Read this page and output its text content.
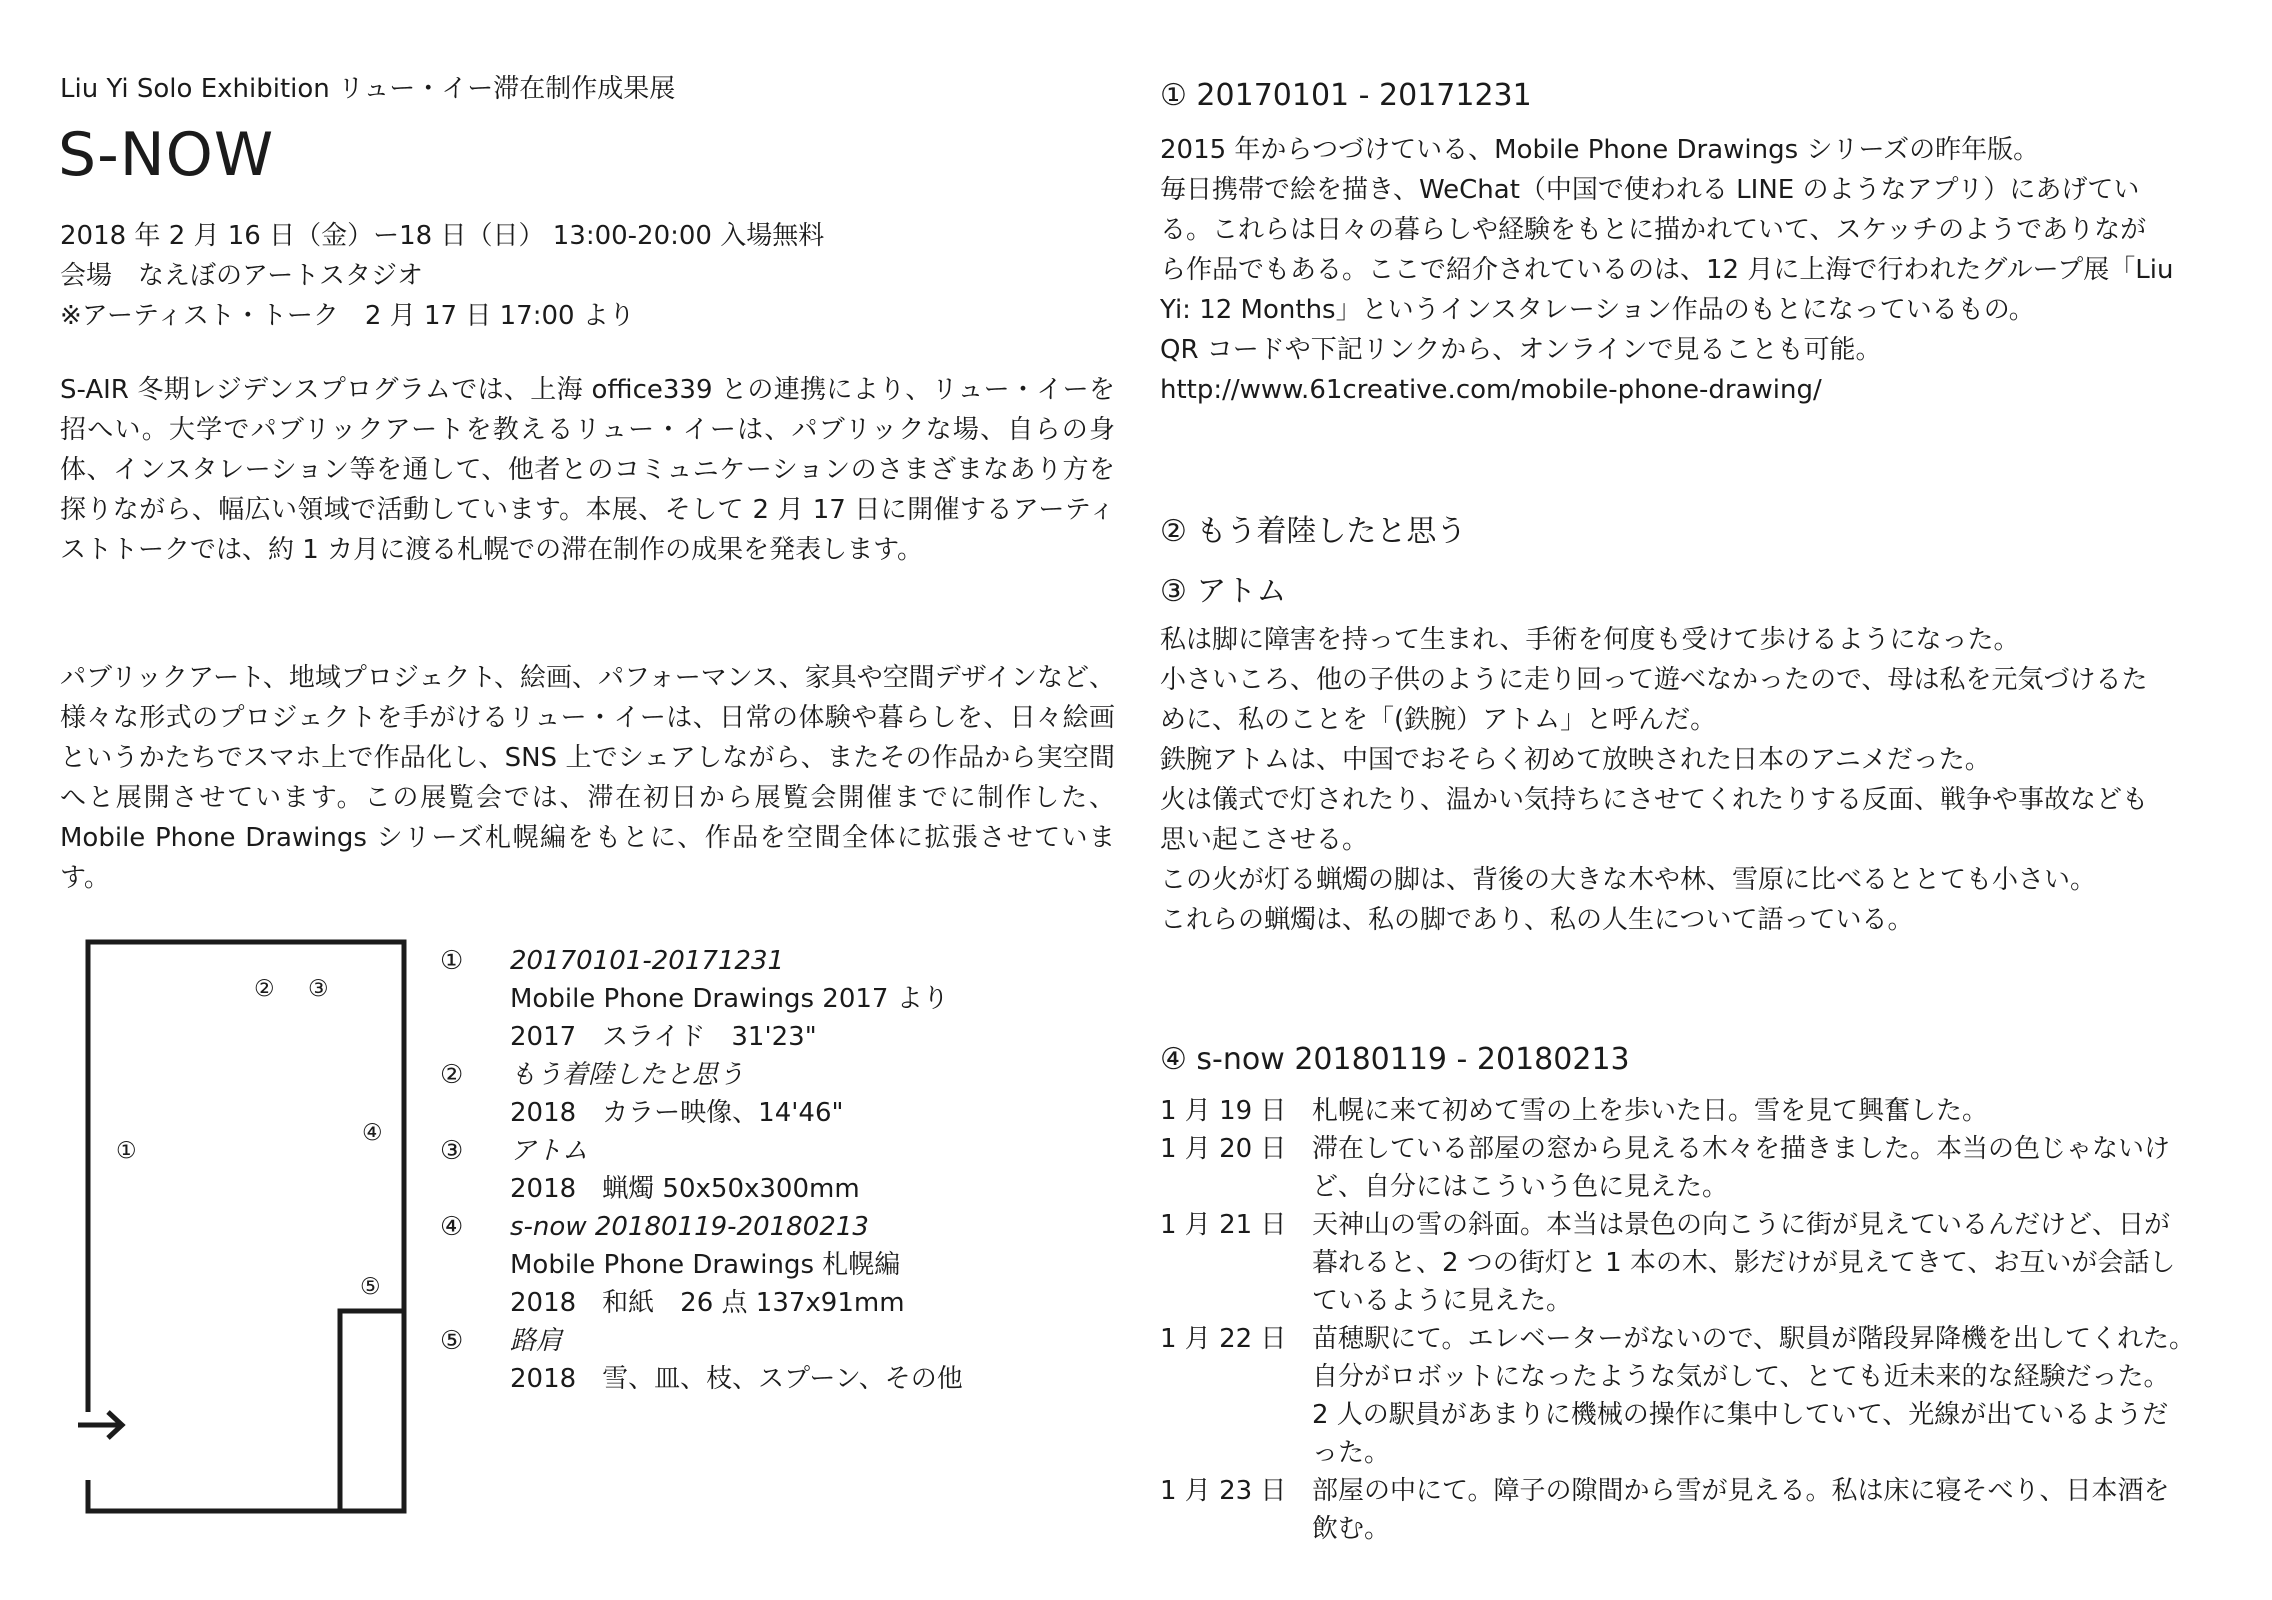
Liu Yi Solo Exhibition リュー・イー滞在制作成果展

S-NOW
2018 年 2 月 16 日（金）ー18 日（日） 13:00-20:00 入場無料
会場　なえぼのアートスタジオ
※アーティスト・トーク　2 月 17 日 17:00 より

S-AIR 冬期レジデンスプログラムでは、上海 office339 との連携により、リュー・イーを招へい。大学でパブリックアートを教えるリュー・イーは、パブリックな場、自らの身体、インスタレーション等を通して、他者とのコミュニケーションのさまざまなあり方を探りながら、幅広い領域で活動しています。本展、そして 2 月 17 日に開催するアーティストトークでは、約 1 カ月に渡る札幌での滞在制作の成果を発表します。

パブリックアート、地域プロジェクト、絵画、パフォーマンス、家具や空間デザインなど、様々な形式のプロジェクトを手がけるリュー・イーは、日常の体験や暮らしを、日々絵画というかたちでスマホ上で作品化し、SNS 上でシェアしながら、またその作品から実空間へと展開させています。この展覧会では、滞在初日から展覧会開催までに制作した、Mobile Phone Drawings シリーズ札幌編をもとに、作品を空間全体に拡張させています。

①
② ③
④
⑤
① 20170101-20171231
Mobile Phone Drawings 2017 より
2017　スライド　31'23"
② もう着陸したと思う
2018　カラー映像、14'46"
③ アトム
2018　蝋燭 50x50x300mm
④ s-now 20180119-20180213
Mobile Phone Drawings 札幌編
2018　和紙　26 点 137x91mm
⑤ 路肩
2018　雪、皿、枝、スプーン、その他
① 20170101 - 20171231
2015 年からつづけている、Mobile Phone Drawings シリーズの昨年版。
毎日携帯で絵を描き、WeChat（中国で使われる LINE のようなアプリ）にあげてい
る。これらは日々の暮らしや経験をもとに描かれていて、スケッチのようでありなが
ら作品でもある。ここで紹介されているのは、12 月に上海で行われたグループ展「Liu
Yi: 12 Months」というインスタレーション作品のもとになっているもの。
QR コードや下記リンクから、オンラインで見ることも可能。
http://www.61creative.com/mobile-phone-drawing/
② もう着陸したと思う
③ アトム
私は脚に障害を持って生まれ、手術を何度も受けて歩けるようになった。
小さいころ、他の子供のように走り回って遊べなかったので、母は私を元気づけるた
めに、私のことを「(鉄腕）アトム」と呼んだ。
鉄腕アトムは、中国でおそらく初めて放映された日本のアニメだった。
火は儀式で灯されたり、温かい気持ちにさせてくれたりする反面、戦争や事故なども
思い起こさせる。
この火が灯る蝋燭の脚は、背後の大きな木や林、雪原に比べるととても小さい。
これらの蝋燭は、私の脚であり、私の人生について語っている。
④ s-now 20180119 - 20180213
1 月 19 日 札幌に来て初めて雪の上を歩いた日。雪を見て興奮した。
1 月 20 日 滞在している部屋の窓から見える木々を描きました。本当の色じゃないけ
ど、自分にはこういう色に見えた。
1 月 21 日 天神山の雪の斜面。本当は景色の向こうに街が見えているんだけど、日が
暮れると、2 つの街灯と 1 本の木、影だけが見えてきて、お互いが会話し
ているように見えた。
1 月 22 日 苗穂駅にて。エレベーターがないので、駅員が階段昇降機を出してくれた。
自分がロボットになったような気がして、とても近未来的な経験だった。
2 人の駅員があまりに機械の操作に集中していて、光線が出ているようだ
った。
1 月 23 日 部屋の中にて。障子の隙間から雪が見える。私は床に寝そべり、日本酒を
飲む。
